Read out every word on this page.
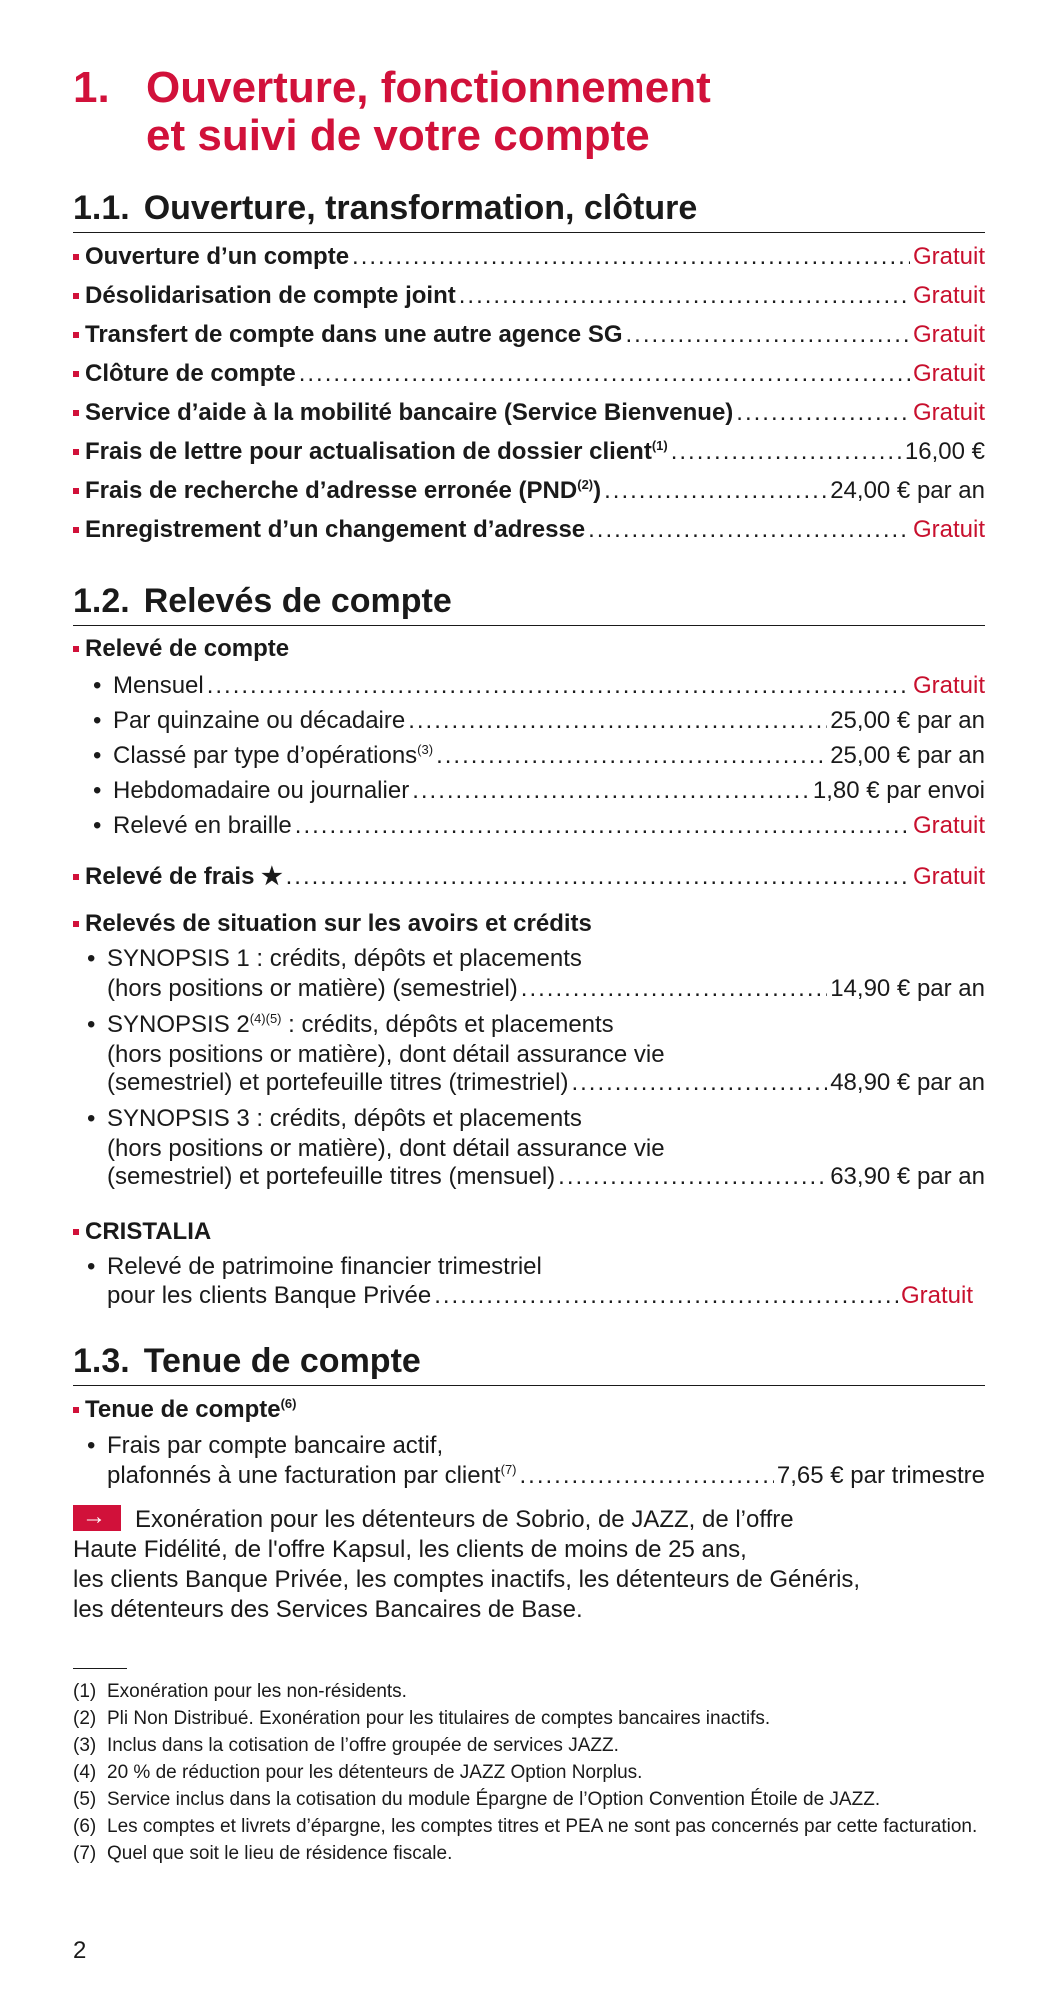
1. Ouverture, fonctionnement
et suivi de votre compte
1.1. Ouverture, transformation, clôture
Ouverture d’un compte .....	Gratuit
Désolidarisation de compte joint .....	Gratuit
Transfert de compte dans une autre agence SG .....	Gratuit
Clôture de compte .....	Gratuit
Service d’aide à la mobilité bancaire (Service Bienvenue) .....	Gratuit
Frais de lettre pour actualisation de dossier client$^{(1)}$ .....	16,00 €
Frais de recherche d’adresse erronée (PND$^{(2)}$) .....	24,00 € par an
Enregistrement d’un changement d’adresse .....	Gratuit
1.2. Relevés de compte
Relevé de compte
• Mensuel .....	Gratuit
• Par quinzaine ou décadaire .....	25,00 € par an
• Classé par type d’opérations$^{(3)}$ .....	25,00 € par an
• Hebdomadaire ou journalier .....	1,80 € par envoi
• Relevé en braille .....	Gratuit
Relevé de frais ★ .....	Gratuit
Relevés de situation sur les avoirs et crédits
• SYNOPSIS 1 : crédits, dépôts et placements
(hors positions or matière) (semestriel) .....	14,90 € par an
• SYNOPSIS $2^{(4)(5)}$ : crédits, dépôts et placements
(hors positions or matière), dont détail assurance vie
(semestriel) et portefeuille titres (trimestriel) .....	48,90 € par an
• SYNOPSIS 3 : crédits, dépôts et placements
(hors positions or matière), dont détail assurance vie
(semestriel) et portefeuille titres (mensuel) .....	63,90 € par an
CRISTALIA
• Relevé de patrimoine financier trimestriel
pour les clients Banque Privée .....	Gratuit
1.3. Tenue de compte
Tenue de compte$^{(6)}$
• Frais par compte bancaire actif,
plafonnés à une facturation par client$^{(7)}$ .....	7,65 € par trimestre
→ Exonération pour les détenteurs de Sobrio, de JAZZ, de l’offre
Haute Fidélité, de l'offre Kapsul, les clients de moins de 25 ans,
les clients Banque Privée, les comptes inactifs, les détenteurs de Généris,
les détenteurs des Services Bancaires de Base.
(1) Exonération pour les non-résidents.
(2) Pli Non Distribué. Exonération pour les titulaires de comptes bancaires inactifs.
(3) Inclus dans la cotisation de l’offre groupée de services JAZZ.
(4) 20 % de réduction pour les détenteurs de JAZZ Option Norplus.
(5) Service inclus dans la cotisation du module Épargne de l’Option Convention Étoile de JAZZ.
(6) Les comptes et livrets d’épargne, les comptes titres et PEA ne sont pas concernés par cette facturation.
(7) Quel que soit le lieu de résidence fiscale.
2
